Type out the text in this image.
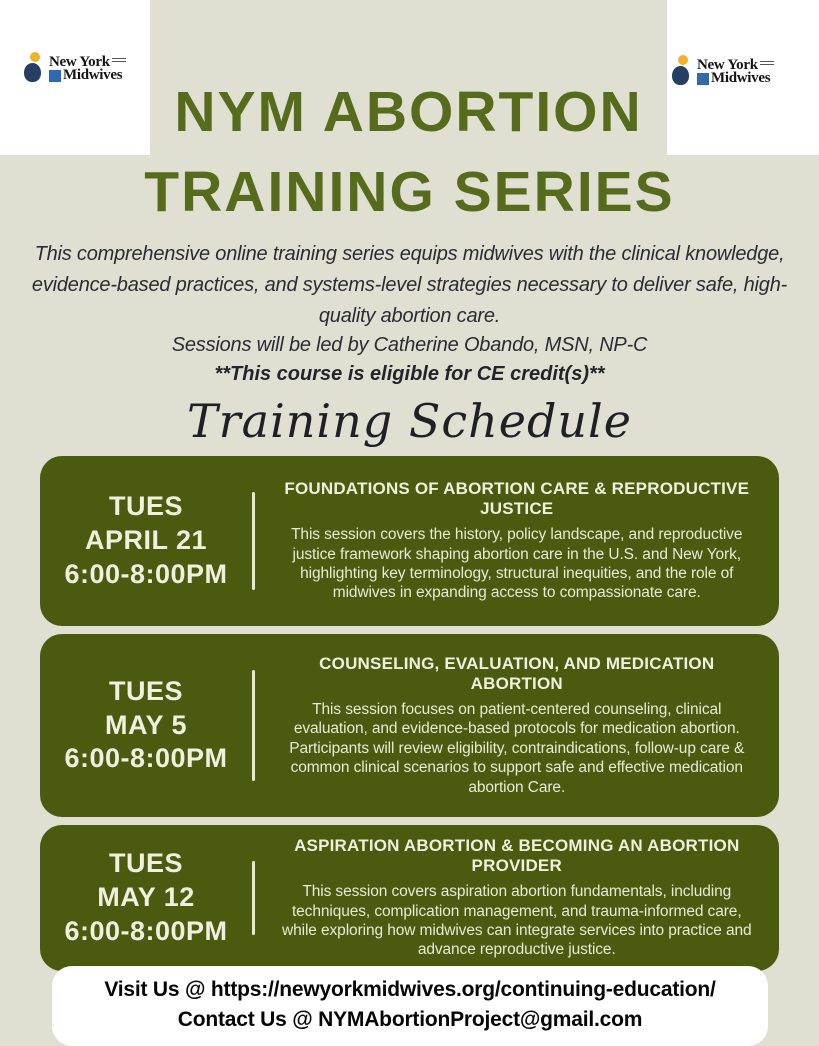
NYM ABORTION
New York
Midwives
New York
Midwives
TRAINING SERIES

This comprehensive online training series equips midwives with the clinical knowledge, evidence-based practices, and systems-level strategies necessary to deliver safe, high-quality abortion care.

Sessions will be led by Catherine Obando, MSN, NP-C

**This course is eligible for CE credit(s)**

Training Schedule
TUES
APRIL 21
6:00-8:00PM
FOUNDATIONS OF ABORTION CARE & REPRODUCTIVE JUSTICE
This session covers the history, policy landscape, and reproductive justice framework shaping abortion care in the U.S. and New York, highlighting key terminology, structural inequities, and the role of midwives in expanding access to compassionate care.
TUES
MAY 5
6:00-8:00PM
COUNSELING, EVALUATION, AND MEDICATION ABORTION
This session focuses on patient-centered counseling, clinical evaluation, and evidence-based protocols for medication abortion. Participants will review eligibility, contraindications, follow-up care & common clinical scenarios to support safe and effective medication abortion Care.
TUES
MAY 12
6:00-8:00PM
ASPIRATION ABORTION & BECOMING AN ABORTION PROVIDER
This session covers aspiration abortion fundamentals, including techniques, complication management, and trauma-informed care, while exploring how midwives can integrate services into practice and advance reproductive justice.
Visit Us @ https://newyorkmidwives.org/continuing-education/
Contact Us @ NYMAbortionProject@gmail.com
